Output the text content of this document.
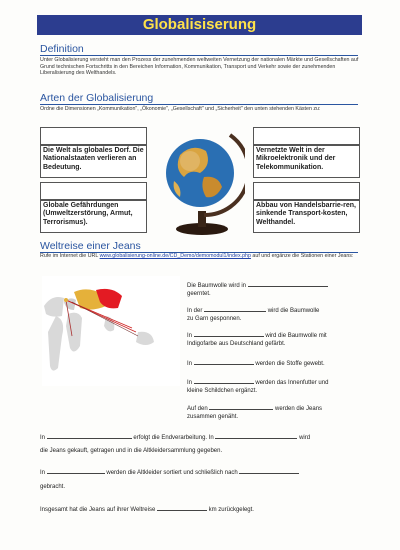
Globalisiserung
Definition
Unter Globalisierung versteht man den Prozess der zunehmenden weltweiten Vernetzung der nationalen Märkte und Gesellschaften auf Grund technischen Fortschritts in den Bereichen Information, Kommunikation, Transport und Verkehr sowie der zunehmenden Liberalisierung des Welthandels.
Arten der Globalisierung
Ordne die Dimensionen „Kommunikation", „Ökonomie", „Gesellschaft" und „Sicherheit" den unten stehenden Kästen zu:
Die Welt als globales Dorf. Die Nationalstaaten verlieren an Bedeutung.
Vernetzte Welt in der Mikroelektronik und der Telekommunikation.
Globale Gefährdungen (Umweltzerstörung, Armut, Terrorismus).
Abbau von Handelsbarrie-ren, sinkende Transport-kosten, Welthandel.
Weltreise einer Jeans
Rufe im Internet die URL www.globalisierung-online.de/CD_Demo/demomodul1/index.php auf und ergänze die Stationen einer Jeans:
Die Baumwolle wird in
geerntet.
In der	wird die Baumwolle
zu Garn gesponnen.
In	wird die Baumwolle mit
Indigofarbe aus Deutschland gefärbt.
In	werden die Stoffe gewebt.
In	werden das Innenfutter und
kleine Schildchen ergänzt.
Auf den	werden die Jeans
zusammen genäht.
In	erfolgt die Endverarbeitung. In	wird
die Jeans gekauft, getragen und in die Altkleidersammlung gegeben.
In	werden die Altkleider sortiert und schließlich nach
gebracht.
Insgesamt hat die Jeans auf ihrer Weltreise	km zurückgelegt.
